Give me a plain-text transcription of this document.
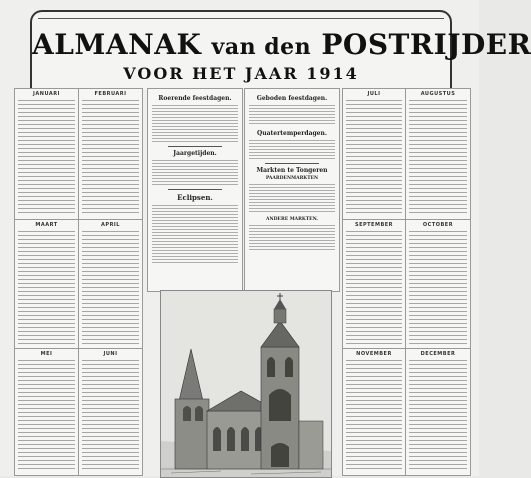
ALMANAK van den POSTRIJDER
VOOR HET JAAR 1914
JANUARI	FEBRUARI
MAART	APRIL
MEI	JUNI
JULI	AUGUSTUS
SEPTEMBER	OCTOBER
NOVEMBER	DECEMBER
Roerende feestdagen.
Jaargetijden.
Eclipsen.
Geboden feestdagen.
Quatertemperdagen.
Markten te Tongeren
PAARDENMARKTEN
ANDERE MARKTEN.
